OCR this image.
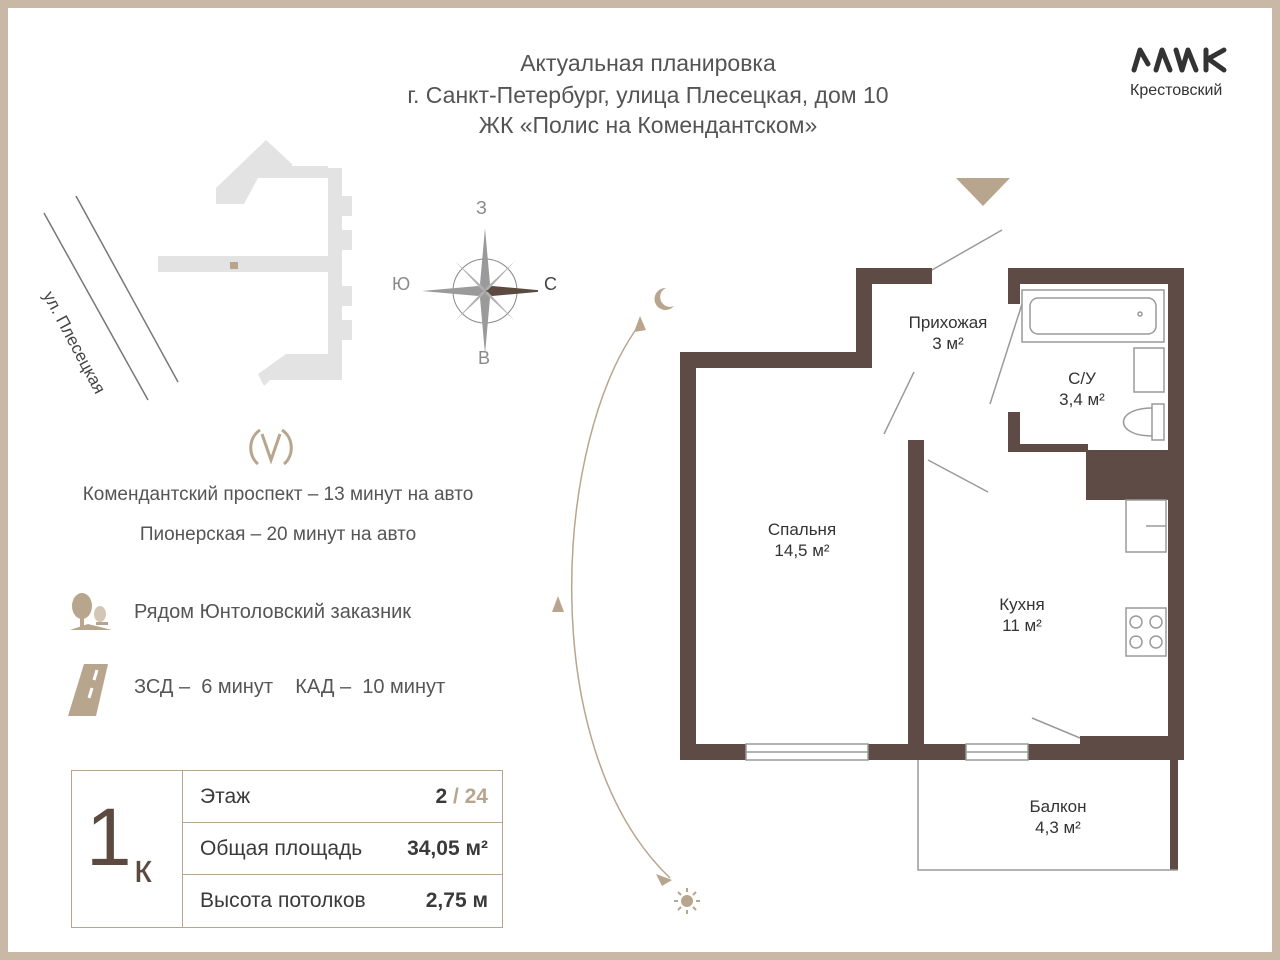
Актуальная планировка
г. Санкт-Петербург, улица Плесецкая, дом 10
ЖК «Полис на Комендантском»
Крестовский
ул. Плесецкая
З
В
Ю	С
Комендантский проспект – 13 минут на авто
Пионерская – 20 минут на авто
Рядом Юнтоловский заказник
ЗСД –  6 минут    КАД –  10 минут
1 к
Этаж	2 / 24
Общая площадь 34,05 м²
Высота потолков	2,75 м
Прихожая
3 м²
С/У
3,4 м²
Спальня
14,5 м²
Кухня
11 м²
Балкон
4,3 м²
